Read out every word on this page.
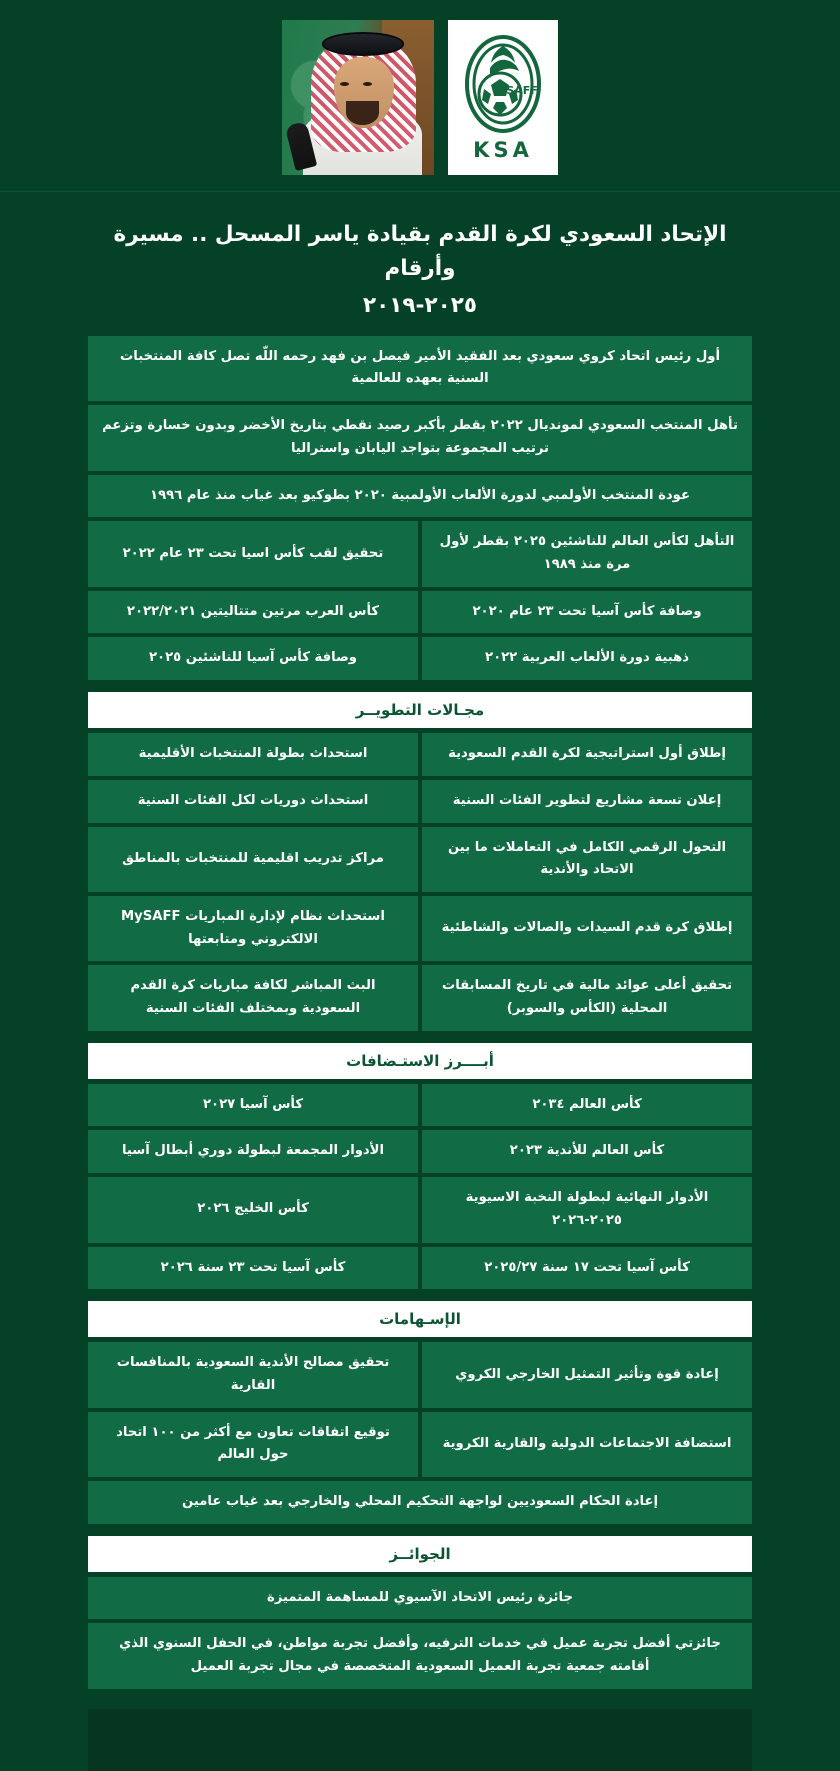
SAFF
KSA
الإتحاد السعودي لكرة القدم بقيادة ياسر المسحل .. مسيرة وأرقام
٢٠٢٥-٢٠١٩
أول رئيس اتحاد كروي سعودي بعد الفقيد الأمير فيصل بن فهد رحمه اللّه تصل كافة المنتخبات السنية بعهده للعالمية
تأهل المنتخب السعودي لمونديال ٢٠٢٢ بقطر بأكبر رصيد نقطي بتاريخ الأخضر وبدون خسارة وتزعم ترتيب المجموعة بتواجد اليابان واستراليا
عودة المنتخب الأولمبي لدورة الألعاب الأولمبية ٢٠٢٠ بطوكيو بعد غياب منذ عام ١٩٩٦
التأهل لكأس العالم للناشئين ٢٠٢٥ بقطر لأول مرة منذ ١٩٨٩
تحقيق لقب كأس اسيا تحت ٢٣ عام ٢٠٢٢
وصافة كأس آسيا تحت ٢٣ عام ٢٠٢٠
كأس العرب مرتين متتاليتين ٢٠٢٢/٢٠٢١
ذهبية دورة الألعاب العربية ٢٠٢٢
وصافة كأس آسيا للناشئين ٢٠٢٥
مجـالات التطويــر
إطلاق أول استراتيجية لكرة القدم السعودية
استحداث بطولة المنتخبات الأقليمية
إعلان تسعة مشاريع لتطوير الفئات السنية
استحداث دوريات لكل الفئات السنية
التحول الرقمي الكامل في التعاملات ما بين الاتحاد والأندية
مراكز تدريب اقليمية للمنتخبات بالمناطق
إطلاق كرة قدم السيدات والصالات والشاطئية
استحداث نظام لإدارة المباريات MySAFF الالكتروني ومتابعتها
تحقيق أعلى عوائد مالية في تاريخ المسابقات المحلية (الكأس والسوبر)
البث المباشر لكافة مباريات كرة القدم السعودية وبمختلف الفئات السنية
أبــــرز الاستـضافات
كأس العالم ٢٠٣٤
كأس آسيا ٢٠٢٧
كأس العالم للأندية ٢٠٢٣
الأدوار المجمعة لبطولة دوري أبطال آسيا
الأدوار النهائية لبطولة النخبة الاسيوية ٢٠٢٥-٢٠٢٦
كأس الخليج ٢٠٢٦
كأس آسيا تحت ١٧ سنة ٢٠٢٥/٢٧
كأس آسيا تحت ٢٣ سنة ٢٠٢٦
الإسـهامات
إعادة قوة وتأثير التمثيل الخارجي الكروي
تحقيق مصالح الأندية السعودية بالمنافسات القارية
استضافة الاجتماعات الدولية والقارية الكروية
توقيع اتفاقات تعاون مع أكثر من ١٠٠ اتحاد حول العالم
إعادة الحكام السعوديين لواجهة التحكيم المحلي والخارجي بعد غياب عامين
الجوائــز
جائزة رئيس الاتحاد الآسيوي للمساهمة المتميزة
جائزتي أفضل تجربة عميل في خدمات الترفيه، وأفضل تجربة مواطن، في الحفل السنوي الذي أقامته جمعية تجربة العميل السعودية المتخصصة في مجال تجربة العميل
